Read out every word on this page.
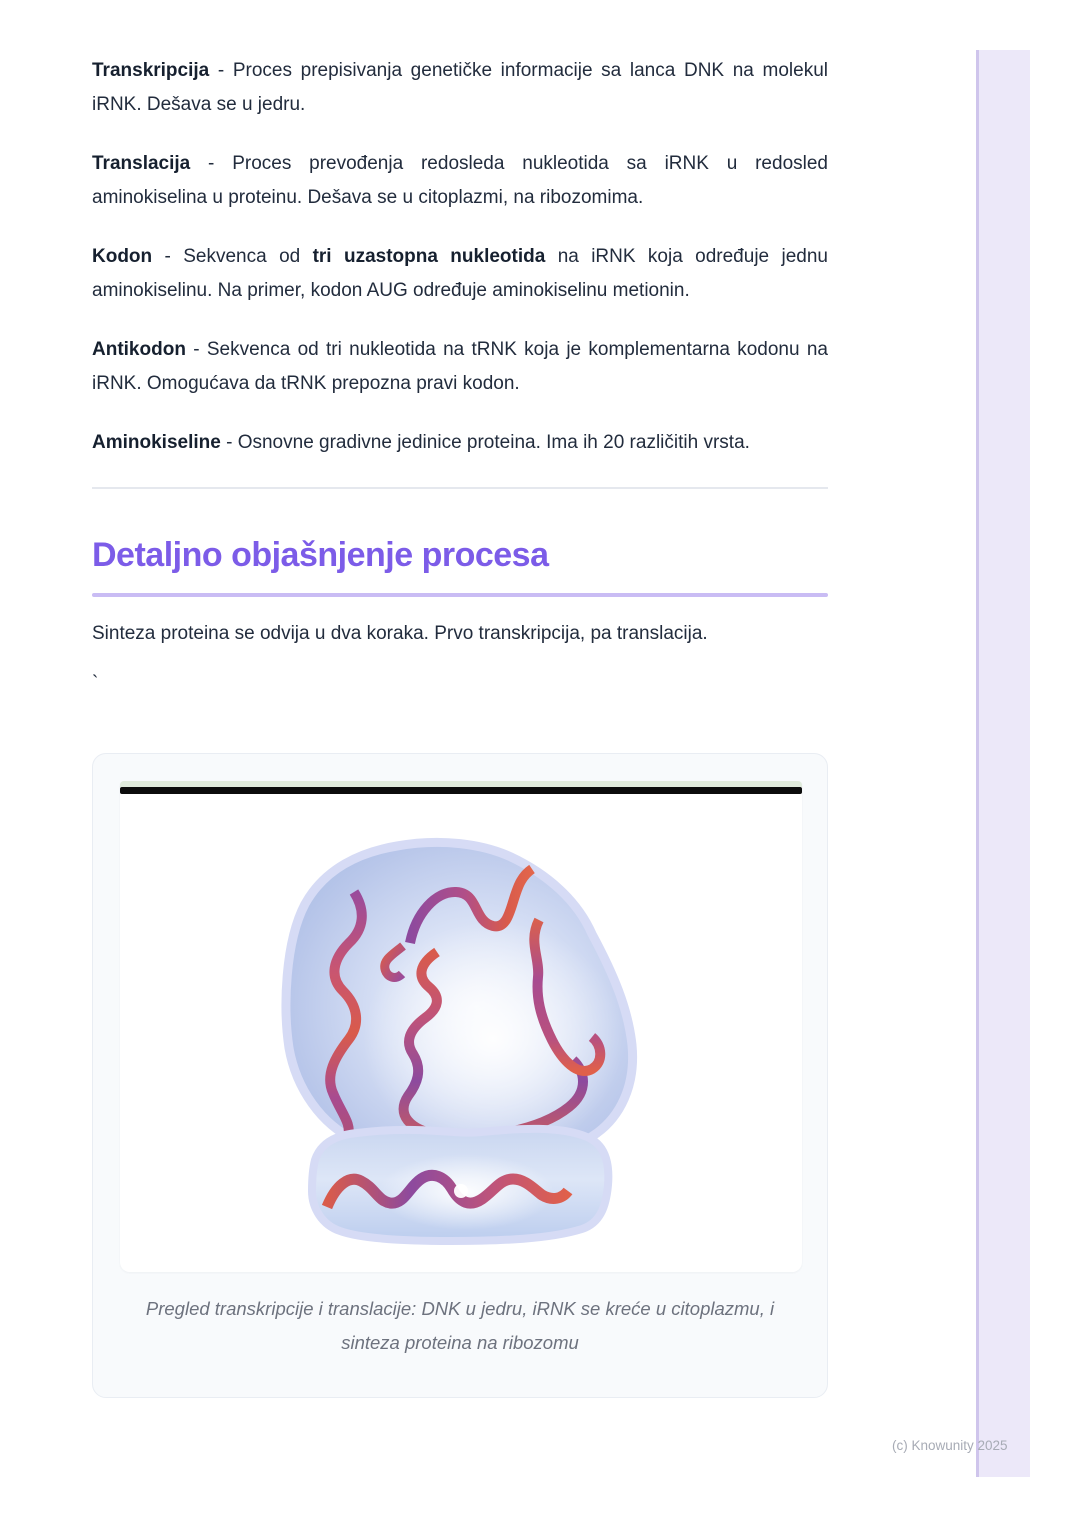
Transkripcija - Proces prepisivanja genetičke informacije sa lanca DNK na molekul iRNK. Dešava se u jedru.

Translacija - Proces prevođenja redosleda nukleotida sa iRNK u redosled aminokiselina u proteinu. Dešava se u citoplazmi, na ribozomima.

Kodon - Sekvenca od tri uzastopna nukleotida na iRNK koja određuje jednu aminokiselinu. Na primer, kodon AUG određuje aminokiselinu metionin.

Antikodon - Sekvenca od tri nukleotida na tRNK koja je komplementarna kodonu na iRNK. Omogućava da tRNK prepozna pravi kodon.

Aminokiseline - Osnovne gradivne jedinice proteina. Ima ih 20 različitih vrsta.

Detaljno objašnjenje procesa

Sinteza proteina se odvija u dva koraka. Prvo transkripcija, pa translacija.

`

Pregled transkripcije i translacije: DNK u jedru, iRNK se kreće u citoplazmu, i
sinteza proteina na ribozomu
(c) Knowunity 2025
